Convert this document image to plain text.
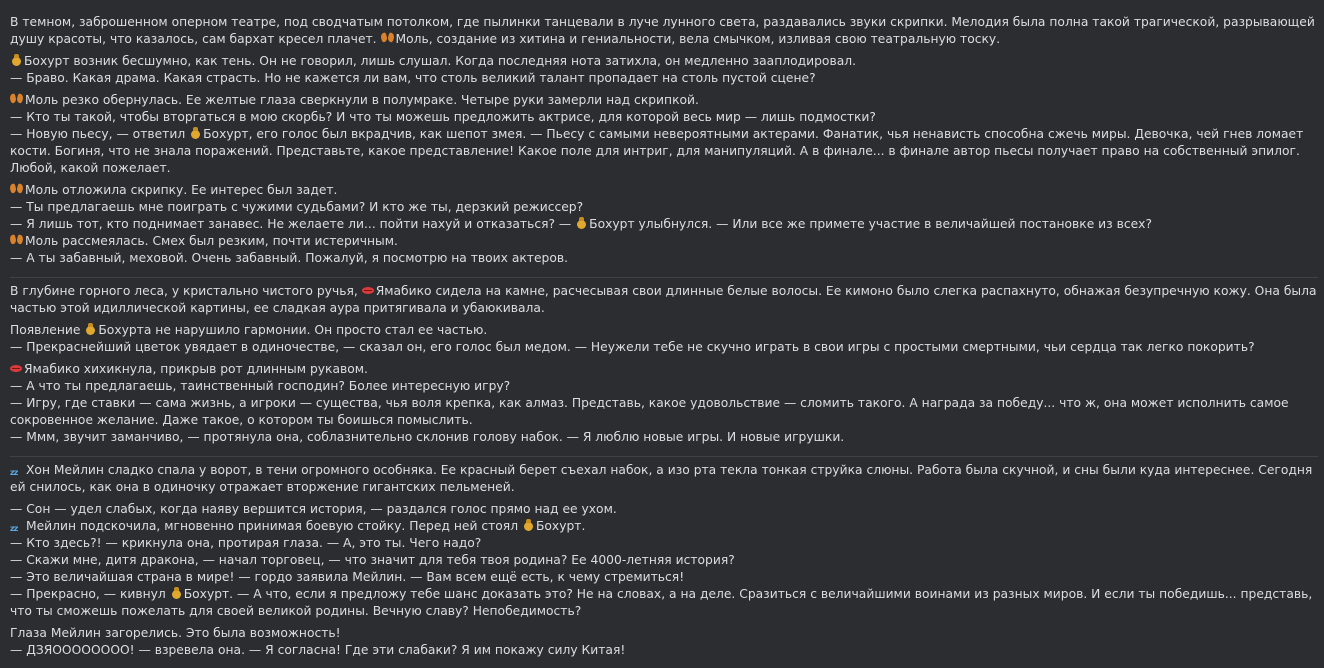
В темном, заброшенном оперном театре, под сводчатым потолком, где пылинки танцевали в луче лунного света, раздавались звуки скрипки. Мелодия была полна такой трагической, разрывающей душу красоты, что казалось, сам бархат кресел плачет. Моль, создание из хитина и гениальности, вела смычком, изливая свою театральную тоску.

Бохурт возник бесшумно, как тень. Он не говорил, лишь слушал. Когда последняя нота затихла, он медленно зааплодировал.
— Браво. Какая драма. Какая страсть. Но не кажется ли вам, что столь великий талант пропадает на столь пустой сцене?

Моль резко обернулась. Ее желтые глаза сверкнули в полумраке. Четыре руки замерли над скрипкой.
— Кто ты такой, чтобы вторгаться в мою скорбь? И что ты можешь предложить актрисе, для которой весь мир — лишь подмостки?
— Новую пьесу, — ответил Бохурт, его голос был вкрадчив, как шепот змея. — Пьесу с самыми невероятными актерами. Фанатик, чья ненависть способна сжечь миры. Девочка, чей гнев ломает кости. Богиня, что не знала поражений. Представьте, какое представление! Какое поле для интриг, для манипуляций. А в финале... в финале автор пьесы получает право на собственный эпилог. Любой, какой пожелает.

Моль отложила скрипку. Ее интерес был задет.
— Ты предлагаешь мне поиграть с чужими судьбами? И кто же ты, дерзкий режиссер?
— Я лишь тот, кто поднимает занавес. Не желаете ли... пойти нахуй и отказаться? — Бохурт улыбнулся. — Или все же примете участие в величайшей постановке из всех?
Моль рассмеялась. Смех был резким, почти истеричным.
— А ты забавный, меховой. Очень забавный. Пожалуй, я посмотрю на твоих актеров.

В глубине горного леса, у кристально чистого ручья, Ямабико сидела на камне, расчесывая свои длинные белые волосы. Ее кимоно было слегка распахнуто, обнажая безупречную кожу. Она была частью этой идиллической картины, ее сладкая аура притягивала и убаюкивала.

Появление Бохурта не нарушило гармонии. Он просто стал ее частью.
— Прекраснейший цветок увядает в одиночестве, — сказал он, его голос был медом. — Неужели тебе не скучно играть в свои игры с простыми смертными, чьи сердца так легко покорить?

Ямабико хихикнула, прикрыв рот длинным рукавом.
— А что ты предлагаешь, таинственный господин? Более интересную игру?
— Игру, где ставки — сама жизнь, а игроки — существа, чья воля крепка, как алмаз. Представь, какое удовольствие — сломить такого. А награда за победу... что ж, она может исполнить самое сокровенное желание. Даже такое, о котором ты боишься помыслить.
— Ммм, звучит заманчиво, — протянула она, соблазнительно склонив голову набок. — Я люблю новые игры. И новые игрушки.

zz Хон Мейлин сладко спала у ворот, в тени огромного особняка. Ее красный берет съехал набок, а изо рта текла тонкая струйка слюны. Работа была скучной, и сны были куда интереснее. Сегодня ей снилось, как она в одиночку отражает вторжение гигантских пельменей.

— Сон — удел слабых, когда наяву вершится история, — раздался голос прямо над ее ухом.
zz Мейлин подскочила, мгновенно принимая боевую стойку. Перед ней стоял Бохурт.
— Кто здесь?! — крикнула она, протирая глаза. — А, это ты. Чего надо?
— Скажи мне, дитя дракона, — начал торговец, — что значит для тебя твоя родина? Ее 4000-летняя история?
— Это величайшая страна в мире! — гордо заявила Мейлин. — Вам всем ещё есть, к чему стремиться!
— Прекрасно, — кивнул Бохурт. — А что, если я предложу тебе шанс доказать это? Не на словах, а на деле. Сразиться с величайшими воинами из разных миров. И если ты победишь... представь, что ты сможешь пожелать для своей великой родины. Вечную славу? Непобедимость?

Глаза Мейлин загорелись. Это была возможность!
— ДЗЯОООООООО! — взревела она. — Я согласна! Где эти слабаки? Я им покажу силу Китая!
